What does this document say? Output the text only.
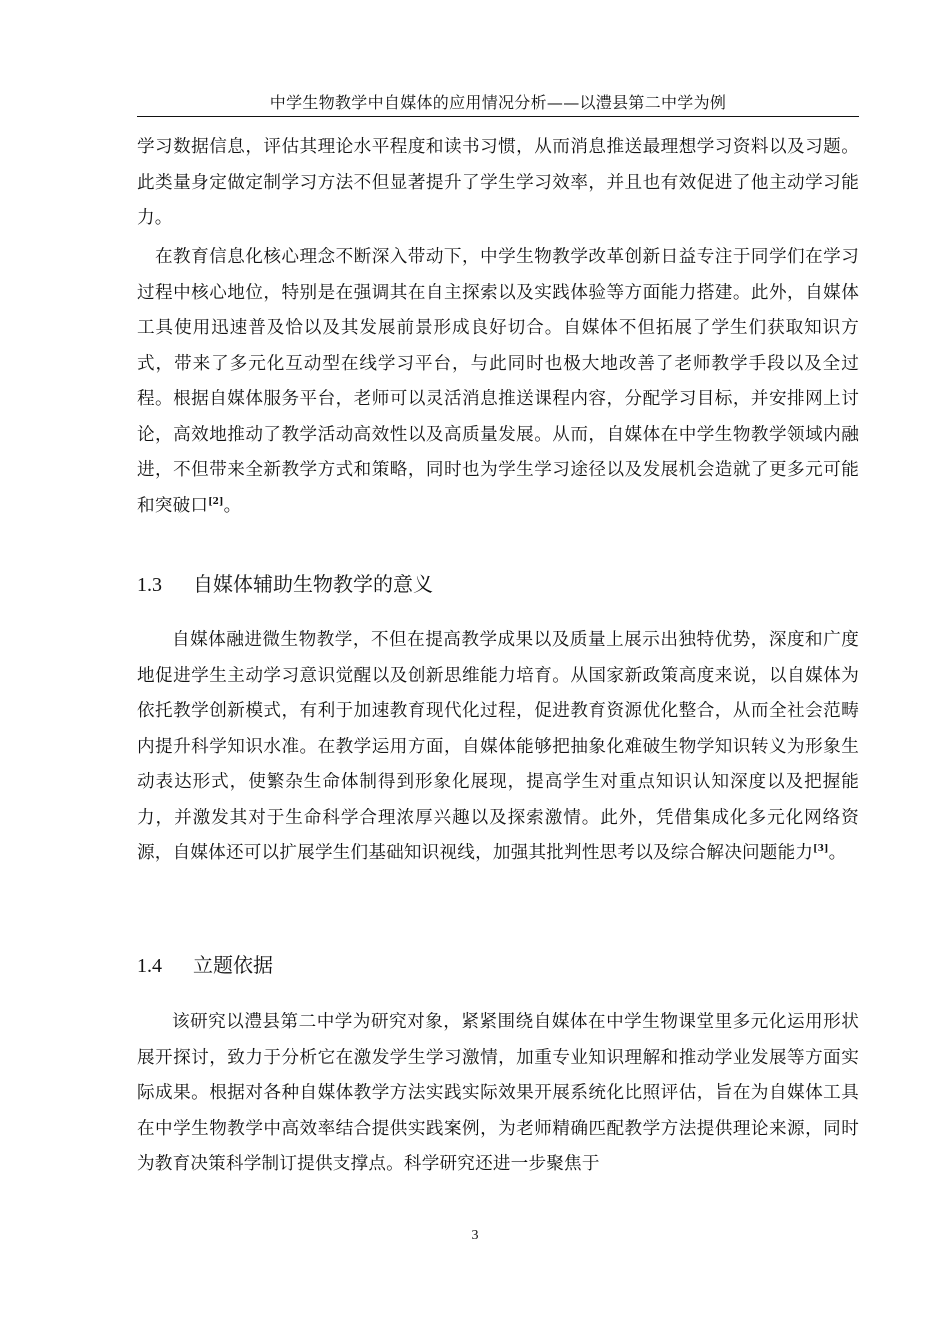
中学生物教学中自媒体的应用情况分析——以澧县第二中学为例

学习数据信息，评估其理论水平程度和读书习惯，从而消息推送最理想学习资料以及习题。此类量身定做定制学习方法不但显著提升了学生学习效率，并且也有效促进了他主动学习能力。

在教育信息化核心理念不断深入带动下，中学生物教学改革创新日益专注于同学们在学习过程中核心地位，特别是在强调其在自主探索以及实践体验等方面能力搭建。此外，自媒体工具使用迅速普及恰以及其发展前景形成良好切合。自媒体不但拓展了学生们获取知识方式，带来了多元化互动型在线学习平台，与此同时也极大地改善了老师教学手段以及全过程。根据自媒体服务平台，老师可以灵活消息推送课程内容，分配学习目标，并安排网上讨论，高效地推动了教学活动高效性以及高质量发展。从而，自媒体在中学生物教学领域内融进，不但带来全新教学方式和策略，同时也为学生学习途径以及发展机会造就了更多元可能和突破口[2]。

1.3 自媒体辅助生物教学的意义

自媒体融进微生物教学，不但在提高教学成果以及质量上展示出独特优势，深度和广度地促进学生主动学习意识觉醒以及创新思维能力培育。从国家新政策高度来说，以自媒体为依托教学创新模式，有利于加速教育现代化过程，促进教育资源优化整合，从而全社会范畴内提升科学知识水准。在教学运用方面，自媒体能够把抽象化难破生物学知识转义为形象生动表达形式，使繁杂生命体制得到形象化展现，提高学生对重点知识认知深度以及把握能力，并激发其对于生命科学合理浓厚兴趣以及探索激情。此外，凭借集成化多元化网络资源，自媒体还可以扩展学生们基础知识视线，加强其批判性思考以及综合解决问题能力[3]。

1.4 立题依据

该研究以澧县第二中学为研究对象，紧紧围绕自媒体在中学生物课堂里多元化运用形状展开探讨，致力于分析它在激发学生学习激情，加重专业知识理解和推动学业发展等方面实际成果。根据对各种自媒体教学方法实践实际效果开展系统化比照评估，旨在为自媒体工具在中学生物教学中高效率结合提供实践案例，为老师精确匹配教学方法提供理论来源，同时为教育决策科学制订提供支撑点。科学研究还进一步聚焦于

3
